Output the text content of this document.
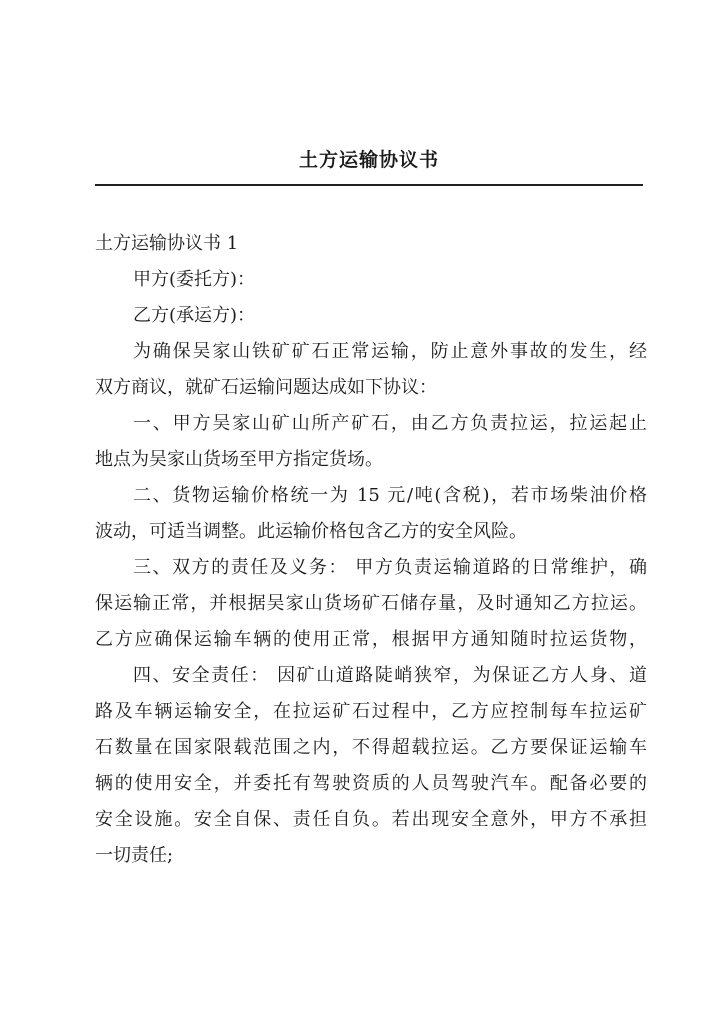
土方运输协议书

土方运输协议书 1

甲方(委托方)：

乙方(承运方)：

为确保吴家山铁矿矿石正常运输，防止意外事故的发生，经

双方商议，就矿石运输问题达成如下协议：

一、甲方吴家山矿山所产矿石，由乙方负责拉运，拉运起止

地点为吴家山货场至甲方指定货场。

二、货物运输价格统一为 15 元/吨(含税)，若市场柴油价格

波动，可适当调整。此运输价格包含乙方的安全风险。

三、双方的责任及义务： 甲方负责运输道路的日常维护，确

保运输正常，并根据吴家山货场矿石储存量，及时通知乙方拉运。

乙方应确保运输车辆的使用正常，根据甲方通知随时拉运货物，

四、安全责任： 因矿山道路陡峭狭窄，为保证乙方人身、道

路及车辆运输安全，在拉运矿石过程中，乙方应控制每车拉运矿

石数量在国家限载范围之内，不得超载拉运。乙方要保证运输车

辆的使用安全，并委托有驾驶资质的人员驾驶汽车。配备必要的

安全设施。安全自保、责任自负。若出现安全意外，甲方不承担

一切责任;
